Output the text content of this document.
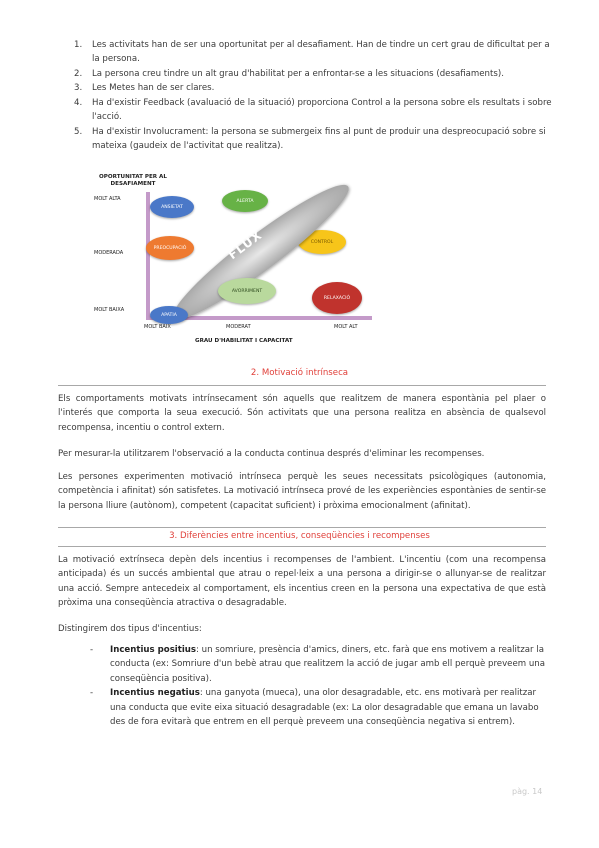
1. Les activitats han de ser una oportunitat per al desafiament. Han de tindre un cert grau de dificultat per a la persona.
2. La persona creu tindre un alt grau d'habilitat per a enfrontar-se a les situacions (desafiaments).
3. Les Metes han de ser clares.
4. Ha d'existir Feedback (avaluació de la situació) proporciona Control a la persona sobre els resultats i sobre l'acció.
5. Ha d'existir Involucrament: la persona se submergeix fins al punt de produir una despreocupació sobre si mateixa (gaudeix de l'activitat que realitza).
OPORTUNITAT PER AL DESAFIAMENT
MOLT ALTA
MODERADA
MOLT BAIXA
ANSIETAT
ALERTA
PREOCUPACIÓ
CONTROL
FLUX
AVORRIMENT
RELAXACIÓ
APATIA
MOLT BAIX	MODERAT	MOLT ALT
GRAU D'HABILITAT I CAPACITAT
2. Motivació intrínseca

Els comportaments motivats intrínsecament són aquells que realitzem de manera espontània pel plaer o l'interés que comporta la seua execució. Són activitats que una persona realitza en absència de qualsevol recompensa, incentiu o control extern.

Per mesurar-la utilitzarem l'observació a la conducta continua després d'eliminar les recompenses.

Les persones experimenten motivació intrínseca perquè les seues necessitats psicològiques (autonomia, competència i afinitat) són satisfetes. La motivació intrínseca prové de les experiències espontànies de sentir-se la persona lliure (autònom), competent (capacitat suficient) i pròxima emocionalment (afinitat).

3. Diferències entre incentius, conseqüències i recompenses

La motivació extrínseca depèn dels incentius i recompenses de l'ambient. L'incentiu (com una recompensa anticipada) és un succés ambiental que atrau o repel·leix a una persona a dirigir-se o allunyar-se de realitzar una acció. Sempre antecedeix al comportament, els incentius creen en la persona una expectativa de que està pròxima una conseqüència atractiva o desagradable.

Distingirem dos tipus d'incentius:

- Incentius positius: un somriure, presència d'amics, diners, etc. farà que ens motivem a realitzar la conducta (ex: Somriure d'un bebè atrau que realitzem la acció de jugar amb ell perquè preveem una conseqüència positiva).
- Incentius negatius: una ganyota (mueca), una olor desagradable, etc. ens motivarà per realitzar una conducta que evite eixa situació desagradable (ex: La olor desagradable que emana un lavabo des de fora evitarà que entrem en ell perquè preveem una conseqüència negativa si entrem).
pàg. 14
